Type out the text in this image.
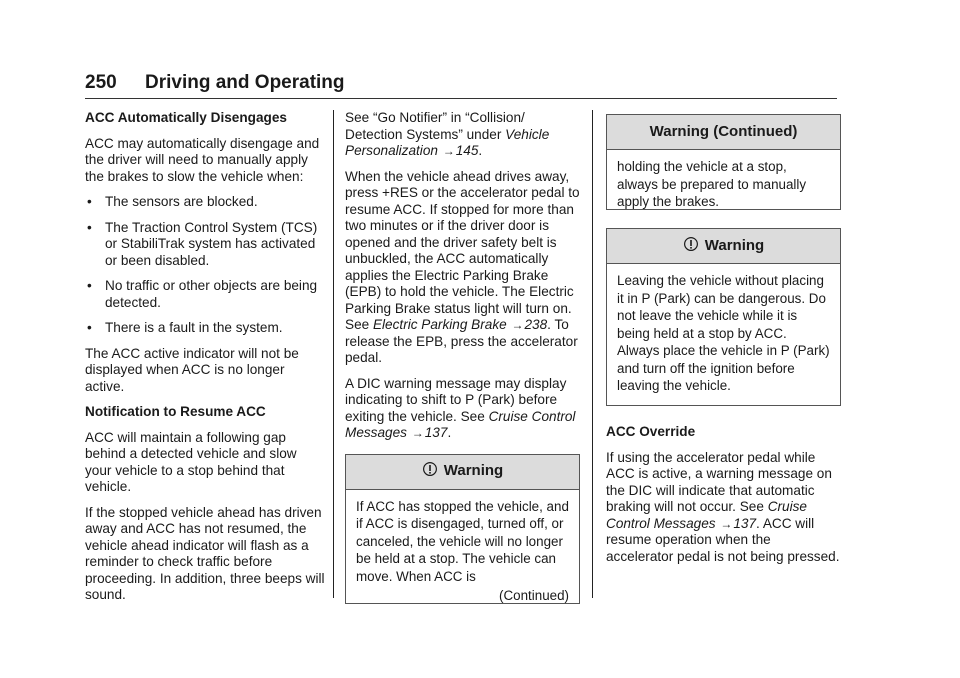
250 Driving and Operating
ACC Automatically Disengages

ACC may automatically disengage and the driver will need to manually apply the brakes to slow the vehicle when:

• The sensors are blocked.
• The Traction Control System (TCS) or StabiliTrak system has activated or been disabled.
• No traffic or other objects are being detected.
• There is a fault in the system.

The ACC active indicator will not be displayed when ACC is no longer active.

Notification to Resume ACC

ACC will maintain a following gap behind a detected vehicle and slow your vehicle to a stop behind that vehicle.

If the stopped vehicle ahead has driven away and ACC has not resumed, the vehicle ahead indicator will flash as a reminder to check traffic before proceeding. In addition, three beeps will sound.

See “Go Notifier” in “Collision/ Detection Systems” under Vehicle Personalization ⁠⁠→145.

When the vehicle ahead drives away, press +RES or the accelerator pedal to resume ACC. If stopped for more than two minutes or if the driver door is opened and the driver safety belt is unbuckled, the ACC automatically applies the Electric Parking Brake (EPB) to hold the vehicle. The Electric Parking Brake status light will turn on. See Electric Parking Brake →238. To release the EPB, press the accelerator pedal.

A DIC warning message may display indicating to shift to P (Park) before exiting the vehicle. See Cruise Control Messages →137.

Warning

If ACC has stopped the vehicle, and if ACC is disengaged, turned off, or canceled, the vehicle will no longer be held at a stop. The vehicle can move. When ACC is

(Continued)
Warning (Continued)

holding the vehicle at a stop, always be prepared to manually apply the brakes.

Warning

Leaving the vehicle without placing it in P (Park) can be dangerous. Do not leave the vehicle while it is being held at a stop by ACC. Always place the vehicle in P (Park) and turn off the ignition before leaving the vehicle.

ACC Override

If using the accelerator pedal while ACC is active, a warning message on the DIC will indicate that automatic braking will not occur. See Cruise Control Messages →137. ACC will resume operation when the accelerator pedal is not being pressed.
